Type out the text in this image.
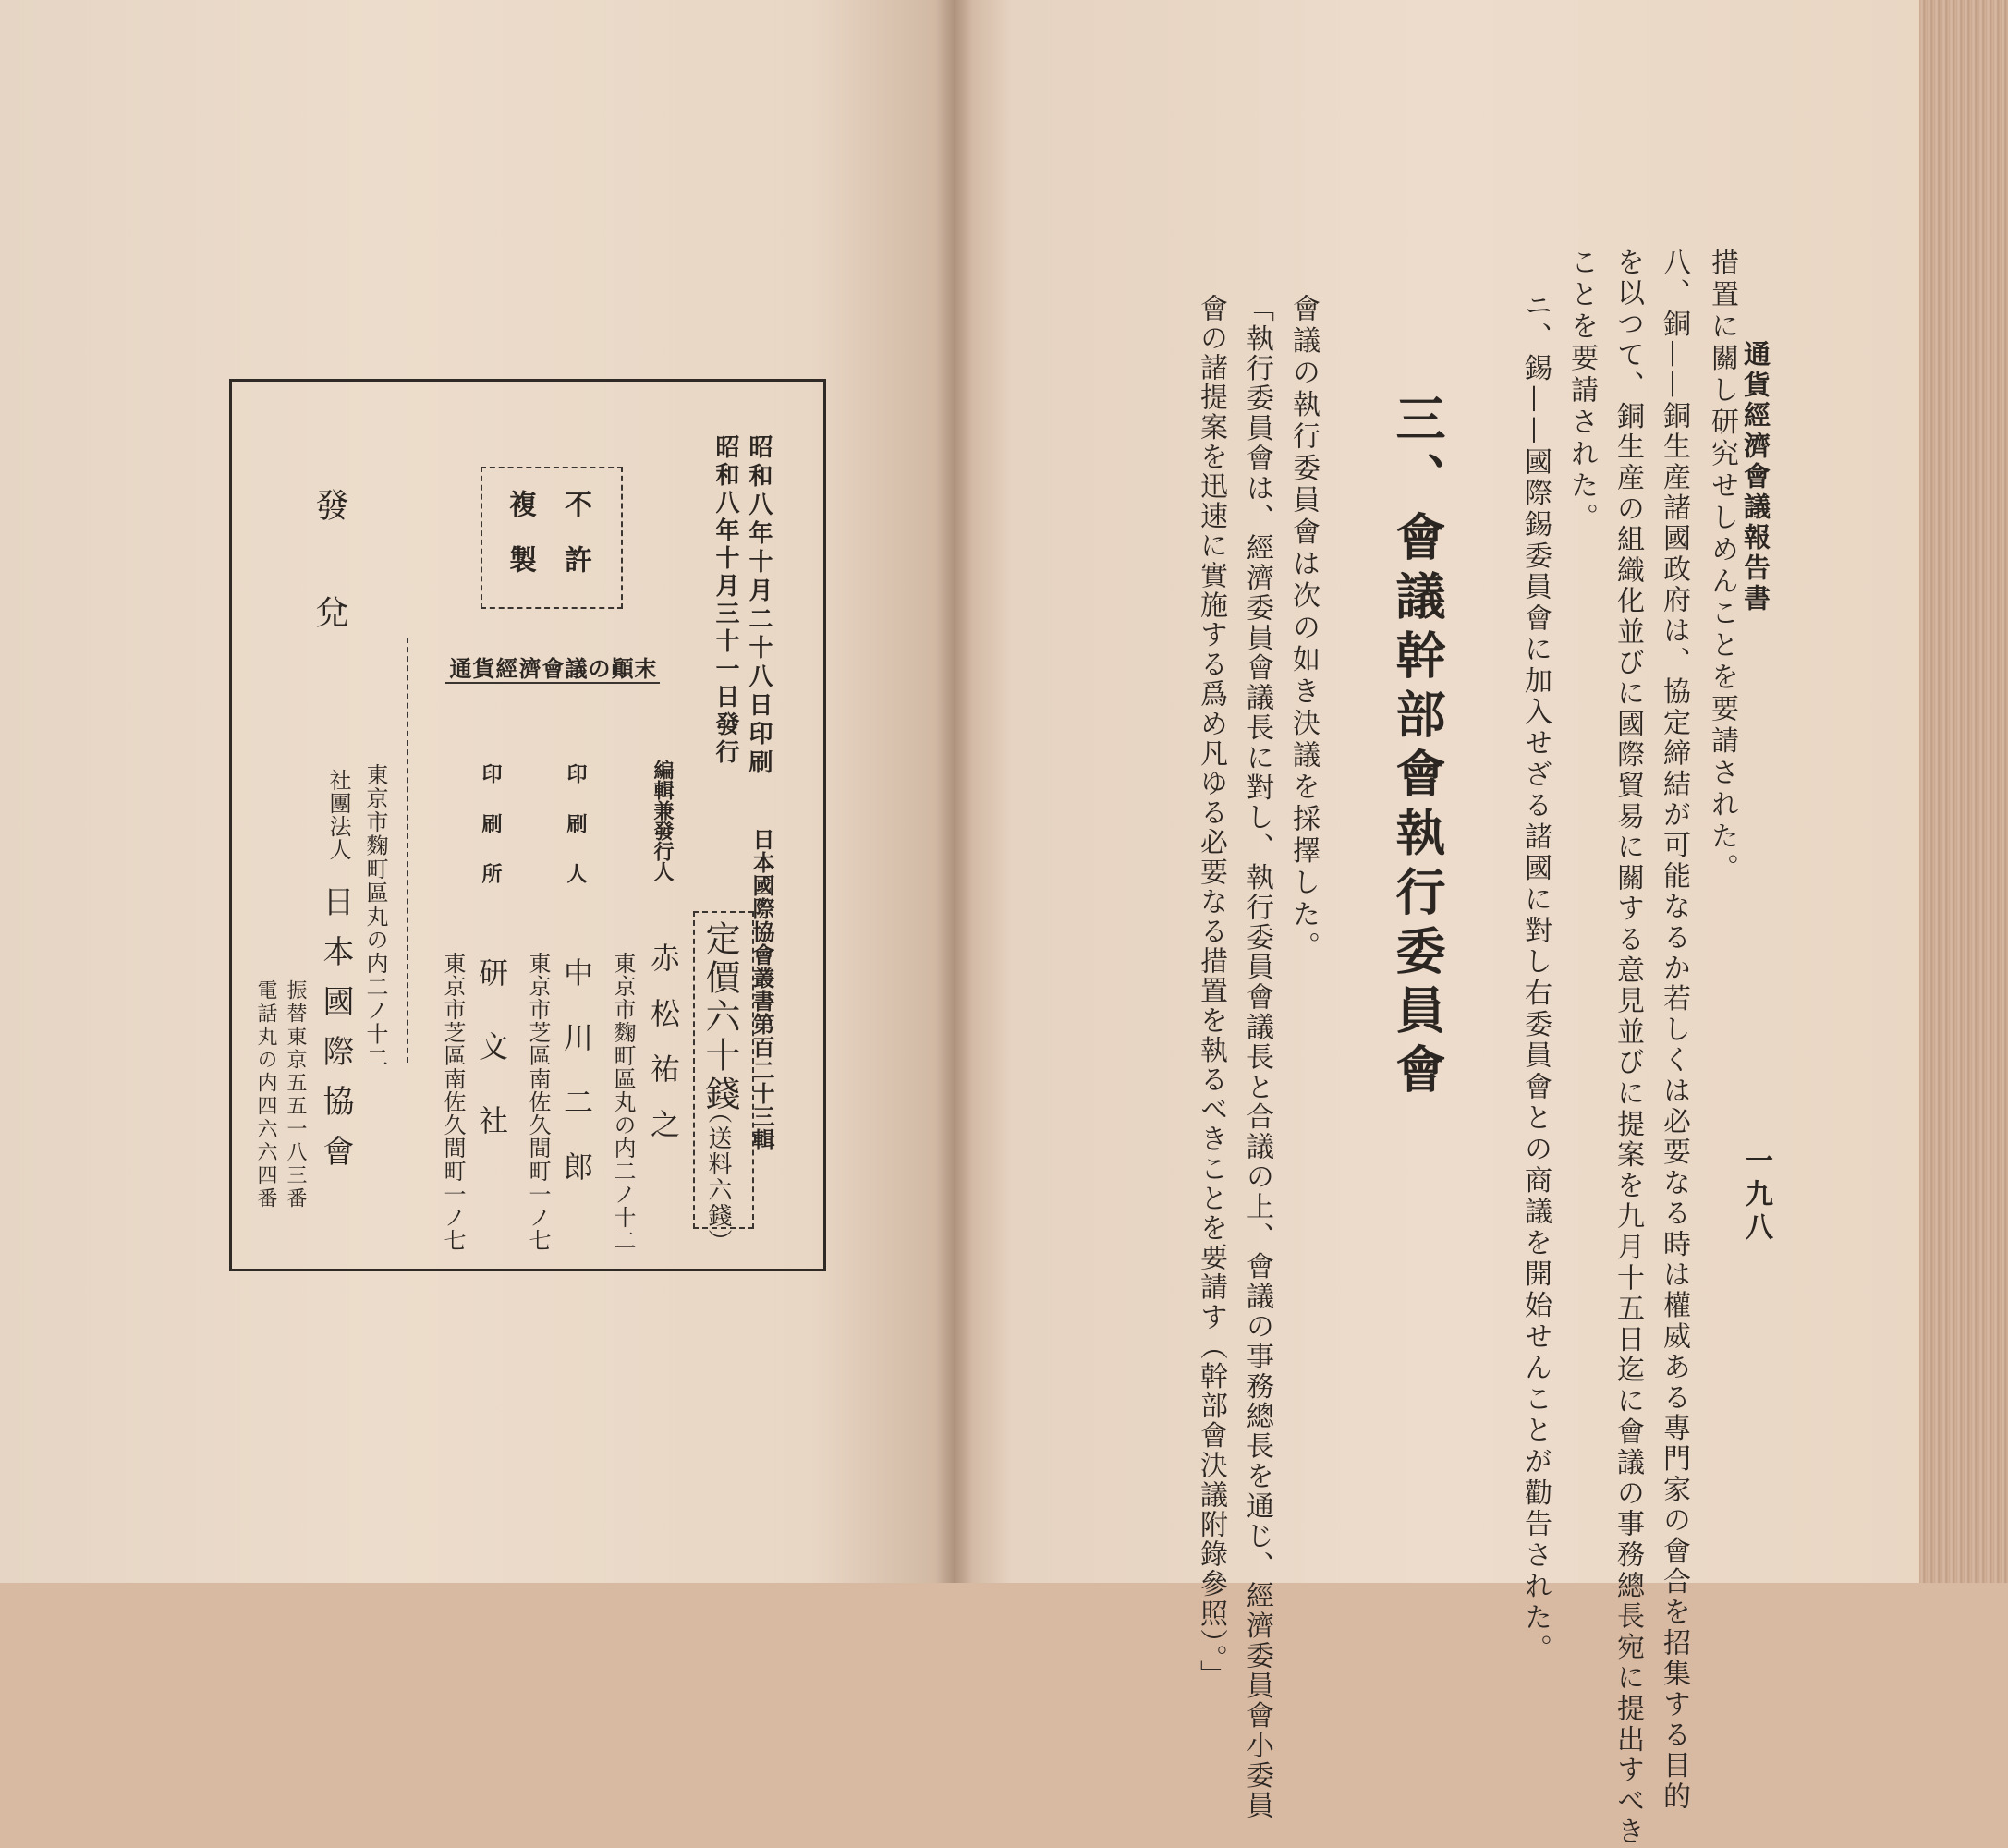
通貨經濟會議報告書
一九八
措置に關し研究せしめんことを要請された。
八、銅——銅生産諸國政府は、協定締結が可能なるか若しくは必要なる時は權威ある專門家の會合を招集する目的
を以つて、銅生産の組織化並びに國際貿易に關する意見並びに提案を九月十五日迄に會議の事務總長宛に提出すべき
ことを要請された。
ニ、錫——國際錫委員會に加入せざる諸國に對し右委員會との商議を開始せんことが勸告された。
三、會議幹部會執行委員會
會議の執行委員會は次の如き決議を採擇した。
「執行委員會は、經濟委員會議長に對し、執行委員會議長と合議の上、會議の事務總長を通じ、經濟委員會小委員
會の諸提案を迅速に實施する爲め凡ゆる必要なる措置を執るべきことを要請す（幹部會決議附錄參照）。」
昭和八年十月二十八日印刷
昭和八年十月三十一日發行
日本國際協會叢書第百二十三輯
定價六十錢
（送料六錢）
不許
複製
通貨經濟會議の顚末
編輯兼發行人
赤松祐之
東京市麴町區丸の内二ノ十二
印刷人
中川二郎
東京市芝區南佐久間町一ノ七
印刷所
研文社
東京市芝區南佐久間町一ノ七
發兌
東京市麴町區丸の内二ノ十二
社團法人
日本國際協會
振替東京五五一八三番
電話丸の内四六六四番
